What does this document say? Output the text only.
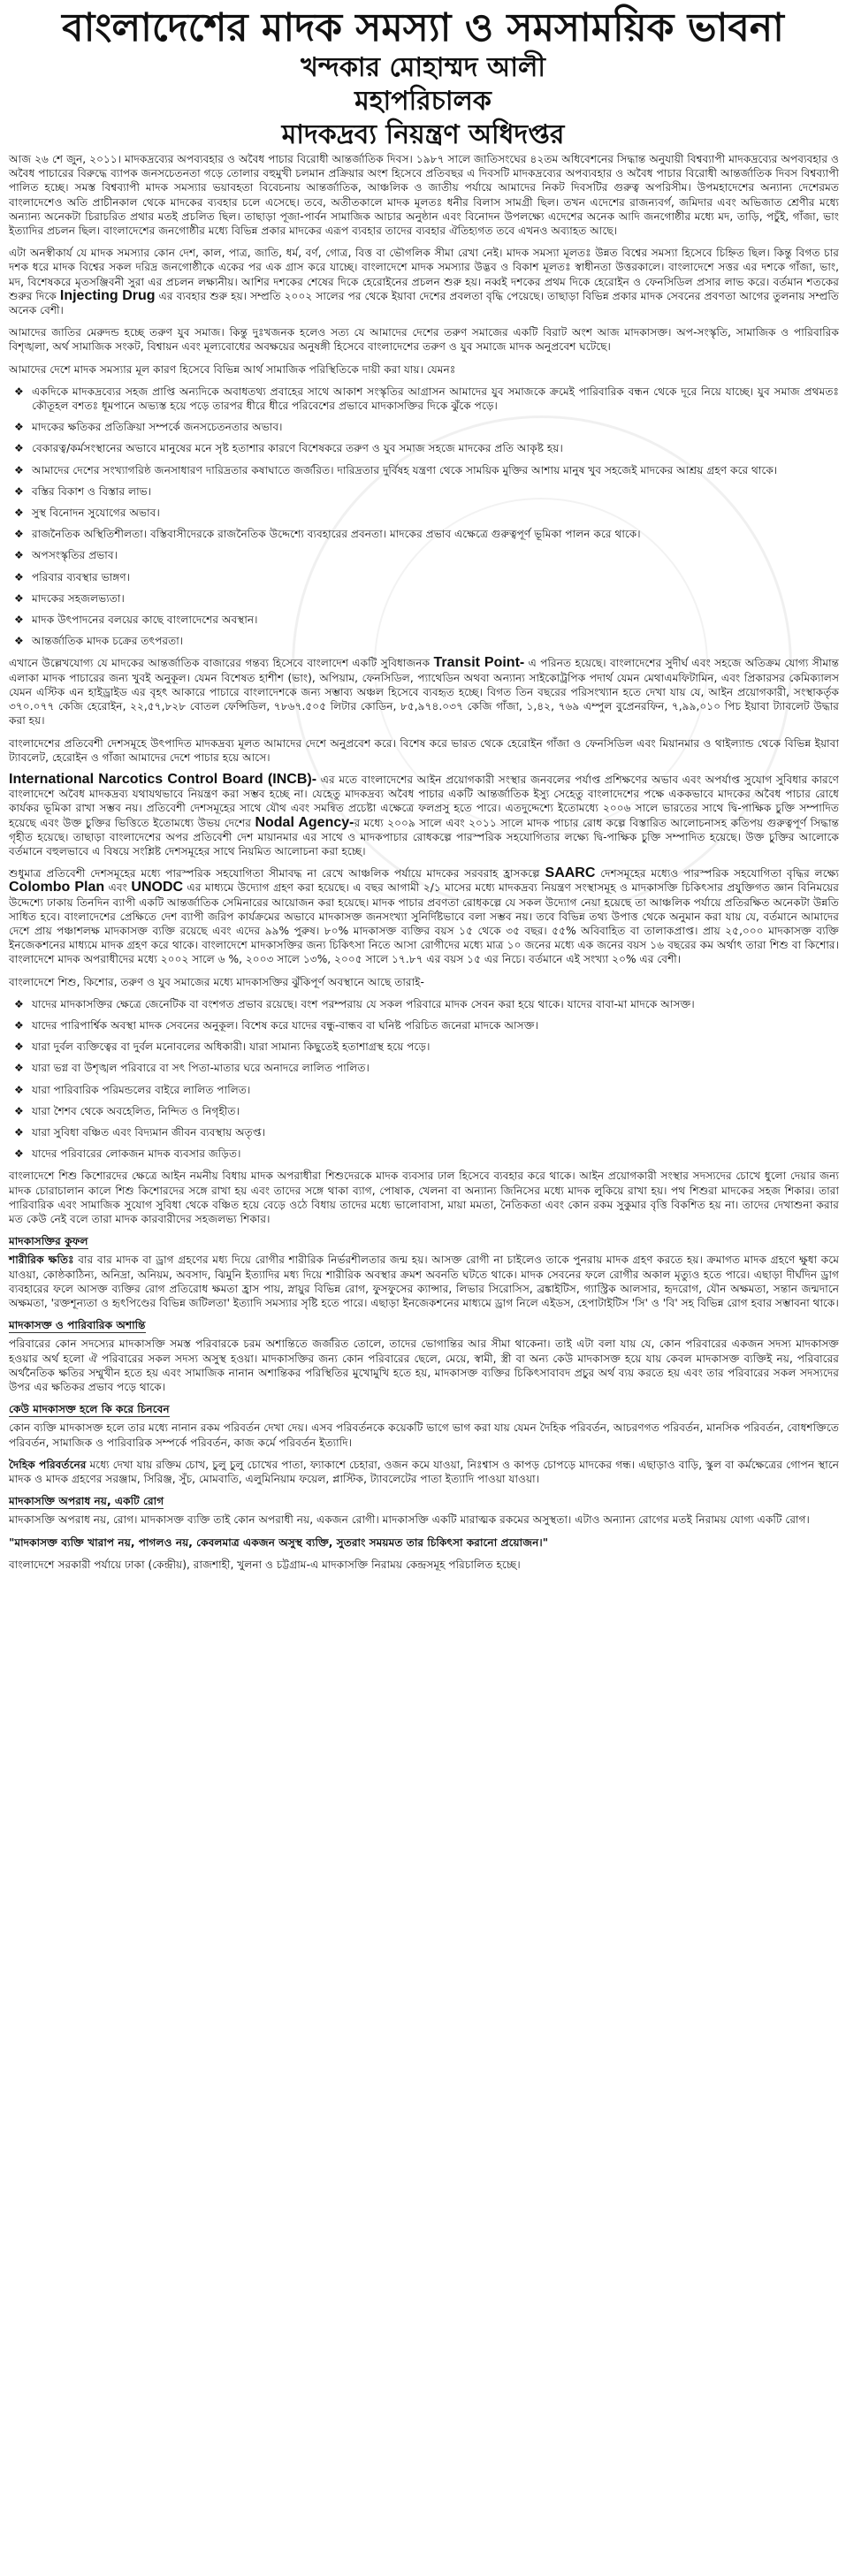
বাংলাদেশের মাদক সমস্যা ও সমসাময়িক ভাবনা
খন্দকার মোহাম্মদ আলী
মহাপরিচালক
মাদকদ্রব্য নিয়ন্ত্রণ অধিদপ্তর

আজ ২৬ শে জুন, ২০১১। মাদকদ্রব্যের অপব্যবহার ও অবৈধ পাচার বিরোধী আন্তর্জাতিক দিবস। ১৯৮৭ সালে জাতিসংঘের ৪২তম অধিবেশনের সিদ্ধান্ত অনুযায়ী বিশ্বব্যাপী মাদকদ্রব্যের অপব্যবহার ও অবৈধ পাচারের বিরুদ্ধে ব্যাপক জনসচেতনতা গড়ে তোলার বহুমুখী চলমান প্রক্রিয়ার অংশ হিসেবে প্রতিবছর এ দিবসটি মাদকদ্রব্যের অপব্যবহার ও অবৈধ পাচার বিরোধী আন্তর্জাতিক দিবস বিশ্বব্যাপী পালিত হচ্ছে। সমস্ত বিশ্বব্যাপী মাদক সমস্যার ভয়াবহতা বিবেচনায় আন্তর্জাতিক, আঞ্চলিক ও জাতীয় পর্যায়ে আমাদের নিকট দিবসটির গুরুত্ব অপরিসীম। উপমহাদেশের অন্যান্য দেশেরমত বাংলাদেশেও অতি প্রাচীনকাল থেকে মাদকের ব্যবহার চলে এসেছে। তবে, অতীতকালে মাদক মূলতঃ ধনীর বিলাস সামগ্রী ছিল। তখন এদেশের রাজন্যবর্গ, জমিদার এবং অভিজাত শ্রেণীর মধ্যে অন্যান্য অনেকটা চিরাচরিত প্রথার মতই প্রচলিত ছিল। তাছাড়া পূজা-পার্বন সামাজিক আচার অনুষ্ঠান এবং বিনোদন উপলক্ষ্যে এদেশের অনেক আদি জনগোষ্ঠীর মধ্যে মদ, তাড়ি, পচুঁই, গাঁজা, ভাং ইত্যাদির প্রচলন ছিল। বাংলাদেশের জনগোষ্ঠীর মধ্যে বিভিন্ন প্রকার মাদকের এরূপ ব্যবহার তাদের ব্যবহার ঐতিহ্যগত তবে এখনও অব্যাহত আছে।

এটা অনস্বীকার্য যে মাদক সমস্যার কোন দেশ, কাল, পাত্র, জাতি, ধর্ম, বর্ণ, গোত্র, বিত্ত বা ভৌগলিক সীমা রেখা নেই। মাদক সমস্যা মূলতঃ উন্নত বিশ্বের সমস্যা হিসেবে চিহ্নিত ছিল। কিন্তু বিগত চার দশক ধরে মাদক বিশ্বের সকল দরিদ্র জনগোষ্ঠীকে একের পর এক গ্রাস করে যাচ্ছে। বাংলাদেশে মাদক সমস্যার উদ্ভব ও বিকাশ মূলতঃ স্বাধীনতা উত্তরকালে। বাংলাদেশে সত্তর এর দশকে গাঁজা, ভাং, মদ, বিশেষকরে মৃতসঞ্জিবনী সুরা এর প্রচলন লক্ষ্যনীয়। আশির দশকের শেষের দিকে হেরোইনের প্রচলন শুরু হয়। নব্বই দশকের প্রথম দিকে হেরোইন ও ফেনসিডিল প্রসার লাভ করে। বর্তমান শতকের শুরুর দিকে Injecting Drug এর ব্যবহার শুরু হয়। সম্প্রতি ২০০২ সালের পর থেকে ইয়াবা দেশের প্রবলতা বৃদ্ধি পেয়েছে। তাছাড়া বিভিন্ন প্রকার মাদক সেবনের প্রবণতা আগের তুলনায় সম্প্রতি অনেক বেশী।

আমাদের জাতির মেরুদন্ড হচ্ছে তরুণ যুব সমাজ। কিন্তু দুঃখজনক হলেও সত্য যে আমাদের দেশের তরুণ সমাজের একটি বিরাট অংশ আজ মাদকাসক্ত। অপ-সংস্কৃতি, সামাজিক ও পারিবারিক বিশৃঙ্খলা, অর্থ সামাজিক সংকট, বিশ্বায়ন এবং মূল্যবোধের অবক্ষয়ের অনুষঙ্গী হিসেবে বাংলাদেশের তরুণ ও যুব সমাজে মাদক অনুপ্রবেশ ঘটেছে।

আমাদের দেশে মাদক সমস্যার মূল কারণ হিসেবে বিভিন্ন আর্থ সামাজিক পরিস্থিতিকে দায়ী করা যায়। যেমনঃ

❖ একদিকে মাদকদ্রব্যের সহজ প্রাপ্তি অন্যদিকে অবাধতথ্য প্রবাহের সাথে আকাশ সংস্কৃতির আগ্রাসন আমাদের যুব সমাজকে ক্রমেই পারিবারিক বন্ধন থেকে দূরে নিয়ে যাচ্ছে। যুব সমাজ প্রথমতঃ কৌতূহল বশতঃ ধূমপানে অভ্যস্ত হয়ে পড়ে তারপর ধীরে ধীরে পরিবেশের প্রভাবে মাদকাসক্তির দিকে ঝুঁকে পড়ে।
❖ মাদকের ক্ষতিকর প্রতিক্রিয়া সম্পর্কে জনসচেতনতার অভাব।
❖ বেকারত্ব/কর্মসংস্থানের অভাবে মানুষের মনে সৃষ্ট হতাশার কারণে বিশেষকরে তরুণ ও যুব সমাজ সহজে মাদকের প্রতি আকৃষ্ট হয়।
❖ আমাদের দেশের সংখ্যাগরিষ্ঠ জনসাধারণ দারিদ্রতার কষাঘাতে জর্জরিত। দারিদ্রতার দুর্বিষহ যন্ত্রণা থেকে সাময়িক মুক্তির আশায় মানুষ খুব সহজেই মাদকের আশ্রয় গ্রহণ করে থাকে।
❖ বস্তির বিকাশ ও বিস্তার লাভ।
❖ সুস্থ বিনোদন সুযোগের অভাব।
❖ রাজনৈতিক অস্থিতিশীলতা। বস্তিবাসীদেরকে রাজনৈতিক উদ্দেশ্যে ব্যবহারের প্রবনতা। মাদকের প্রভাব এক্ষেত্রে গুরুত্বপূর্ণ ভূমিকা পালন করে থাকে।
❖ অপসংস্কৃতির প্রভাব।
❖ পরিবার ব্যবস্থার ভাঙ্গণ।
❖ মাদকের সহজলভ্যতা।
❖ মাদক উৎপাদনের বলয়ের কাছে বাংলাদেশের অবস্থান।
❖ আন্তর্জাতিক মাদক চক্রের তৎপরতা।

এখানে উল্লেখযোগ্য যে মাদকের আন্তর্জাতিক বাজারের গন্তব্য হিসেবে বাংলাদেশ একটি সুবিধাজনক Transit Point- এ পরিনত হয়েছে। বাংলাদেশের সুদীর্ঘ এবং সহজে অতিক্রম যোগ্য সীমান্ত এলাকা মাদক পাচারের জন্য খুবই অনুকূল। যেমন বিশেষত হাশীশ (ভাং), অপিয়াম, ফেনসিডিল, প্যাথেডিন অথবা অন্যান্য সাইকোট্রপিক পদার্থ যেমন মেথাএমফিটামিন, এবং প্রিকারসর কেমিক্যালস যেমন এস্টিক এন হাইড্রাইড এর বৃহৎ আকারে পাচারে বাংলাদেশকে জন্য সম্ভাব্য অঞ্চল হিসেবে ব্যবহৃত হচ্ছে। বিগত তিন বছরের পরিসংখ্যান হতে দেখা যায় যে, আইন প্রয়োগকারী, সংস্থাকর্তৃক ৩৭০.০৭৭ কেজি হেরোইন, ২২,৫৭,৮২৮ বোতল ফেন্সিডিল, ৭৮৬৭.৫০৫ লিটার কোডিন, ৮৫,৯৭৪.০৩৭ কেজি গাঁজা, ১,৪২, ৭৬৯ এম্পুল বুপ্রেনরফিন, ৭,৯৯,০১০ পিচ ইয়াবা ট্যাবলেট উদ্ধার করা হয়।

বাংলাদেশের প্রতিবেশী দেশসমূহে উৎপাদিত মাদকদ্রব্য মূলত আমাদের দেশে অনুপ্রবেশ করে। বিশেষ করে ভারত থেকে হেরোইন গাঁজা ও ফেনসিডিল এবং মিয়ানমার ও থাইল্যান্ড থেকে বিভিন্ন ইয়াবা ট্যাবলেট, হেরোইন ও গাঁজা আমাদের দেশে পাচার হয়ে আসে।

International Narcotics Control Board (INCB)- এর মতে বাংলাদেশের আইন প্রয়োগকারী সংস্থার জনবলের পর্যাপ্ত প্রশিক্ষণের অভাব এবং অপর্যাপ্ত সুযোগ সুবিধার কারণে বাংলাদেশে অবৈধ মাদকদ্রব্য যথাযথভাবে নিয়ন্ত্রণ করা সম্ভব হচ্ছে না। যেহেতু মাদকদ্রব্য অবৈধ পাচার একটি আন্তর্জাতিক ইস্যু সেহেতু বাংলাদেশের পক্ষে এককভাবে মাদকের অবৈধ পাচার রোধে কার্যকর ভূমিকা রাখা সম্ভব নয়। প্রতিবেশী দেশসমূহের সাথে যৌথ এবং সমন্বিত প্রচেষ্টা এক্ষেত্রে ফলপ্রসু হতে পারে। এতদুদ্দেশ্যে ইতোমধ্যে ২০০৬ সালে ভারতের সাথে দ্বি-পাক্ষিক চুক্তি সম্পাদিত হয়েছে এবং উক্ত চুক্তির ভিত্তিতে ইতোমধ্যে উভয় দেশের Nodal Agency-র মধ্যে ২০০৯ সালে এবং ২০১১ সালে মাদক পাচার রোধ কল্পে বিস্তারিত আলোচনাসহ কতিপয় গুরুত্বপূর্ণ সিদ্ধান্ত গৃহীত হয়েছে। তাছাড়া বাংলাদেশের অপর প্রতিবেশী দেশ মায়ানমার এর সাথে ও মাদকপাচার রোধকল্পে পারস্পরিক সহযোগিতার লক্ষ্যে দ্বি-পাক্ষিক চুক্তি সম্পাদিত হয়েছে। উক্ত চুক্তির আলোকে বর্তমানে বহুলভাবে এ বিষয়ে সংশ্লিষ্ট দেশসমূহের সাথে নিয়মিত আলোচনা করা হচ্ছে।

শুধুমাত্র প্রতিবেশী দেশসমূহের মধ্যে পারস্পরিক সহযোগিতা সীমাবদ্ধ না রেখে আঞ্চলিক পর্যায়ে মাদকের সরবরাহ হ্রাসকল্পে SAARC দেশসমূহের মধ্যেও পারস্পরিক সহযোগিতা বৃদ্ধির লক্ষ্যে Colombo Plan এবং UNODC এর মাধ্যমে উদ্যোগ গ্রহণ করা হয়েছে। এ বছর আগামী ২/১ মাসের মধ্যে মাদকদ্রব্য নিয়ন্ত্রণ সংস্থাসমূহ ও মাদকাসক্তি চিকিৎসার প্রযুক্তিগত জ্ঞান বিনিময়ের উদ্দেশ্যে ঢাকায় তিনদিন ব্যাপী একটি আন্তর্জাতিক সেমিনারের আয়োজন করা হয়েছে। মাদক পাচার প্রবণতা রোধকল্পে যে সকল উদ্যোগ নেয়া হয়েছে তা আঞ্চলিক পর্যায়ে প্রতিরক্ষিত অনেকটা উন্নতি সাধিত হবে। বাংলাদেশের প্রেক্ষিতে দেশ ব্যাপী জরিপ কার্যক্রমের অভাবে মাদকাসক্ত জনসংখ্যা সুনির্দিষ্টভাবে বলা সম্ভব নয়। তবে বিভিন্ন তথ্য উপাত্ত থেকে অনুমান করা যায় যে, বর্তমানে আমাদের দেশে প্রায় পঞ্চাশলক্ষ মাদকাসক্ত ব্যক্তি রয়েছে এবং এদের ৯৯% পুরুষ। ৮০% মাদকাসক্ত ব্যক্তির বয়স ১৫ থেকে ৩৫ বছর। ৫৫% অবিবাহিত বা তালাকপ্রাপ্ত। প্রায় ২৫,০০০ মাদকাসক্ত ব্যক্তি ইনজেকশনের মাধ্যমে মাদক গ্রহণ করে থাকে। বাংলাদেশে মাদকাসক্তির জন্য চিকিৎসা নিতে আসা রোগীদের মধ্যে মাত্র ১০ জনের মধ্যে এক জনের বয়স ১৬ বছরের কম অর্থাৎ তারা শিশু বা কিশোর। বাংলাদেশে মাদক অপরাধীদের মধ্যে ২০০২ সালে ৬ %, ২০০৩ সালে ১৩%, ২০০৫ সালে ১৭.৮৭ এর বয়স ১৫ এর নিচে। বর্তমানে এই সংখ্যা ২০% এর বেশী।

বাংলাদেশে শিশু, কিশোর, তরুণ ও যুব সমাজের মধ্যে মাদকাসক্তির ঝুঁকিপূর্ণ অবস্থানে আছে তারাই-

❖ যাদের মাদকাসক্তির ক্ষেত্রে জেনেটিক বা বংশগত প্রভাব রয়েছে। বংশ পরম্পরায় যে সকল পরিবারে মাদক সেবন করা হয়ে থাকে। যাদের বাবা-মা মাদকে আসক্ত।
❖ যাদের পারিপার্শ্বিক অবস্থা মাদক সেবনের অনুকূল। বিশেষ করে যাদের বন্ধু-বান্ধব বা ঘনিষ্ট পরিচিত জনেরা মাদকে আসক্ত।
❖ যারা দুর্বল ব্যক্তিত্বের বা দুর্বল মনোবলের অধিকারী। যারা সামান্য কিছুতেই হতাশাগ্রস্থ হয়ে পড়ে।
❖ যারা ভগ্ন বা উশৃঙ্খল পরিবারে বা সৎ পিতা-মাতার ঘরে অনাদরে লালিত পালিত।
❖ যারা পারিবারিক পরিমন্ডলের বাইরে লালিত পালিত।
❖ যারা শৈশব থেকে অবহেলিত, নিন্দিত ও নিগৃহীত।
❖ যারা সুবিধা বঞ্চিত এবং বিদ্যমান জীবন ব্যবস্থায় অতৃপ্ত।
❖ যাদের পরিবারের লোকজন মাদক ব্যবসার জড়িত।

বাংলাদেশে শিশু কিশোরদের ক্ষেত্রে আইন নমনীয় বিধায় মাদক অপরাধীরা শিশুদেরকে মাদক ব্যবসার ঢাল হিসেবে ব্যবহার করে থাকে। আইন প্রয়োগকারী সংস্থার সদস্যদের চোখে ধুলো দেয়ার জন্য মাদক চোরাচালান কালে শিশু কিশোরদের সঙ্গে রাখা হয় এবং তাদের সঙ্গে থাকা ব্যাগ, পোষাক, খেলনা বা অন্যান্য জিনিসের মধ্যে মাদক লুকিয়ে রাখা হয়। পথ শিশুরা মাদকের সহজ শিকার। তারা পারিবারিক এবং সামাজিক সুযোগ সুবিধা থেকে বঞ্চিত হয়ে বেড়ে ওঠে বিধায় তাদের মধ্যে ভালোবাসা, মায়া মমতা, নৈতিকতা এবং কোন রকম সুকুমার বৃত্তি বিকশিত হয় না। তাদের দেখাশুনা করার মত কেউ নেই বলে তারা মাদক কারবারীদের সহজলভ্য শিকার।

মাদকাসক্তির কুফল

শারীরিক ক্ষতিঃ বার বার মাদক বা ড্রাগ গ্রহণের মধ্য দিয়ে রোগীর শারীরিক নির্ভরশীলতার জন্ম হয়। আসক্ত রোগী না চাইলেও তাকে পুনরায় মাদক গ্রহণ করতে হয়। ক্রমাগত মাদক গ্রহণে ক্ষুধা কমে যাওয়া, কোষ্ঠকাঠিন্য, অনিদ্রা, অনিয়ম, অবসাদ, ঝিমুনি ইত্যাদির মধ্য দিয়ে শারীরিক অবস্থার ক্রমশ অবনতি ঘটতে থাকে। মাদক সেবনের ফলে রোগীর অকাল মৃত্যুও হতে পারে। এছাড়া দীর্ঘদিন ড্রাগ ব্যবহারের ফলে আসক্ত ব্যক্তির রোগ প্রতিরোধ ক্ষমতা হ্রাস পায়, স্নায়ুর বিভিন্ন রোগ, ফুসফুসের ক্যান্সার, লিভার সিরোসিস, ব্রঙ্কাইটিস, গ্যাস্ট্রিক আলসার, হৃদরোগ, যৌন অক্ষমতা, সন্তান জন্মদানে অক্ষমতা, 'রক্তশূন্যতা ও হৃৎপিণ্ডের বিভিন্ন জটিলতা' ইত্যাদি সমস্যার সৃষ্টি হতে পারে। এছাড়া ইনজেকশনের মাধ্যমে ড্রাগ নিলে এইডস, হেপাটাইটিস 'সি' ও 'বি' সহ বিভিন্ন রোগ হবার সম্ভাবনা থাকে।

মাদকাসক্ত ও পারিবারিক অশান্তি

পরিবারের কোন সদস্যের মাদকাসক্তি সমস্ত পরিবারকে চরম অশান্তিতে জর্জরিত তোলে, তাদের ভোগান্তির আর সীমা থাকেনা। তাই এটা বলা যায় যে, কোন পরিবারের একজন সদস্য মাদকাসক্ত হওয়ার অর্থ হলো ঐ পরিবারের সকল সদস্য অসুস্থ হওয়া। মাদকাসক্তির জন্য কোন পরিবারের ছেলে, মেয়ে, স্বামী, স্ত্রী বা অন্য কেউ মাদকাসক্ত হয়ে যায় কেবল মাদকাসক্ত ব্যক্তিই নয়, পরিবারের অর্থনৈতিক ক্ষতির সম্মুখীন হতে হয় এবং সামাজিক নানান অশান্তিকর পরিস্থিতির মুখোমুখি হতে হয়, মাদকাসক্ত ব্যক্তির চিকিৎসাবাবদ প্রচুর অর্থ ব্যয় করতে হয় এবং তার পরিবারের সকল সদস্যদের উপর এর ক্ষতিকর প্রভাব পড়ে থাকে।

কেউ মাদকাসক্ত হলে কি করে চিনবেন

কোন ব্যক্তি মাদকাসক্ত হলে তার মধ্যে নানান রকম পরিবর্তন দেখা দেয়। এসব পরিবর্তনকে কয়েকটি ভাগে ভাগ করা যায় যেমন দৈহিক পরিবর্তন, আচরণগত পরিবর্তন, মানসিক পরিবর্তন, বোধশক্তিতে পরিবর্তন, সামাজিক ও পারিবারিক সম্পর্কে পরিবর্তন, কাজ কর্মে পরিবর্তন ইত্যাদি।

দৈহিক পরিবর্তনের মধ্যে দেখা যায় রক্তিম চোখ, চুলু চুলু চোখের পাতা, ফ্যাকাশে চেহারা, ওজন কমে যাওয়া, নিঃশ্বাস ও কাপড় চোপড়ে মাদকের গন্ধ। এছাড়াও বাড়ি, স্কুল বা কর্মক্ষেত্রের গোপন স্থানে মাদক ও মাদক গ্রহণের সরঞ্জাম, সিরিঞ্জ, সুঁচ, মোমবাতি, এলুমিনিয়াম ফয়েল, প্লাস্টিক, ট্যাবলেটের পাতা ইত্যাদি পাওয়া যাওয়া।

মাদকাসক্তি অপরাধ নয়, একটি রোগ

মাদকাসক্তি অপরাধ নয়, রোগ। মাদকাসক্ত ব্যক্তি তাই কোন অপরাধী নয়, একজন রোগী। মাদকাসক্তি একটি মারাত্মক রকমের অসুস্থতা। এটাও অন্যান্য রোগের মতই নিরাময় যোগ্য একটি রোগ।

"মাদকাসক্ত ব্যক্তি খারাপ নয়, পাগলও নয়, কেবলমাত্র একজন অসুস্থ ব্যক্তি, সুতরাং সময়মত তার চিকিৎসা করানো প্রয়োজন।"

বাংলাদেশে সরকারী পর্যায়ে ঢাকা (কেন্দ্রীয়), রাজশাহী, খুলনা ও চট্টগ্রাম-এ মাদকাসক্তি নিরাময় কেন্দ্রসমূহ পরিচালিত হচ্ছে।
